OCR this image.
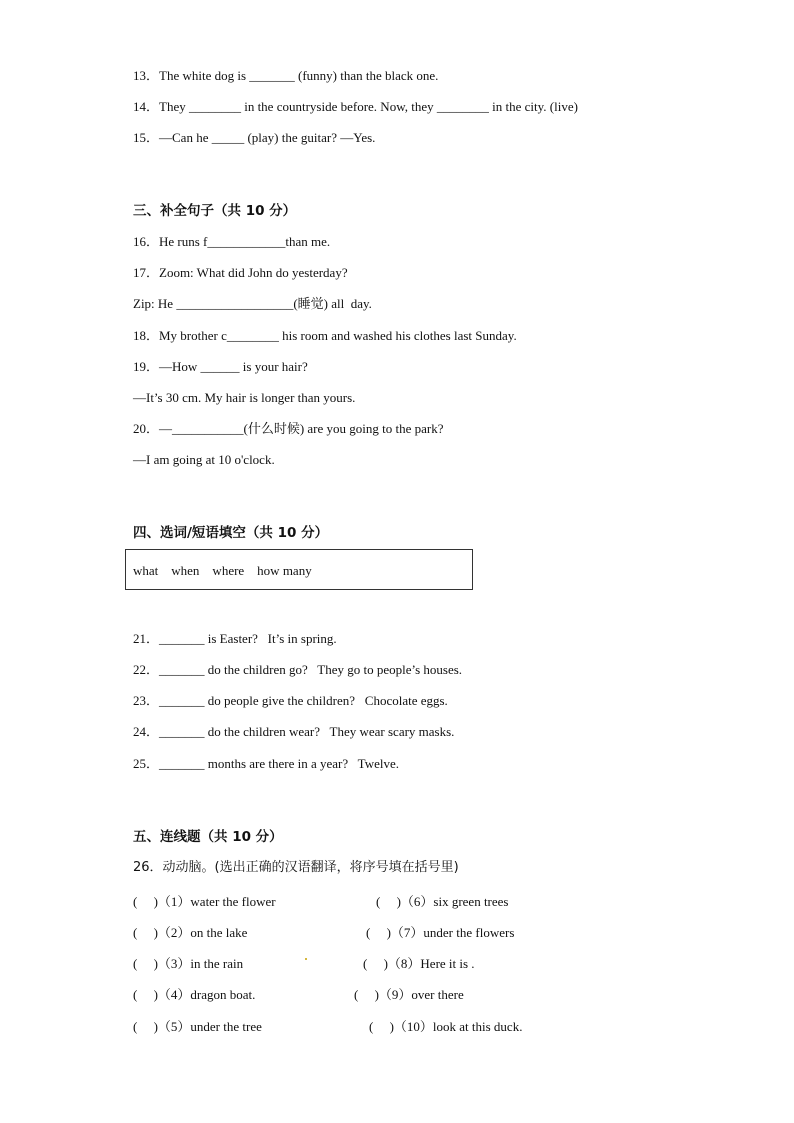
13．The white dog is _______ (funny) than the black one.
14．They ________ in the countryside before. Now, they ________ in the city. (live)
15．—Can he _____ (play) the guitar? —Yes.
三、补全句子（共 10 分）
16．He runs f____________than me.
17．Zoom: What did John do yesterday?
Zip: He __________________(睡觉) all  day.
18．My brother c________ his room and washed his clothes last Sunday.
19．—How ______ is your hair?
—It’s 30 cm. My hair is longer than yours.
20．—___________(什么时候) are you going to the park?
—I am going at 10 o'clock.
四、选词/短语填空（共 10 分）
what    when    where    how many
21．_______ is Easter?   It’s in spring.
22．_______ do the children go?   They go to people’s houses.
23．_______ do people give the children?   Chocolate eggs.
24．_______ do the children wear?   They wear scary masks.
25．_______ months are there in a year?   Twelve.
五、连线题（共 10 分）
26．动动脑。(选出正确的汉语翻译，将序号填在括号里)
(     )（1）water the flower
(     )（2）on the lake
(     )（3）in the rain
(     )（4）dragon boat.
(     )（5）under the tree
(     )（6）six green trees
(     )（7）under the flowers
(     )（8）Here it is .
(     )（9）over there
(     )（10）look at this duck.
